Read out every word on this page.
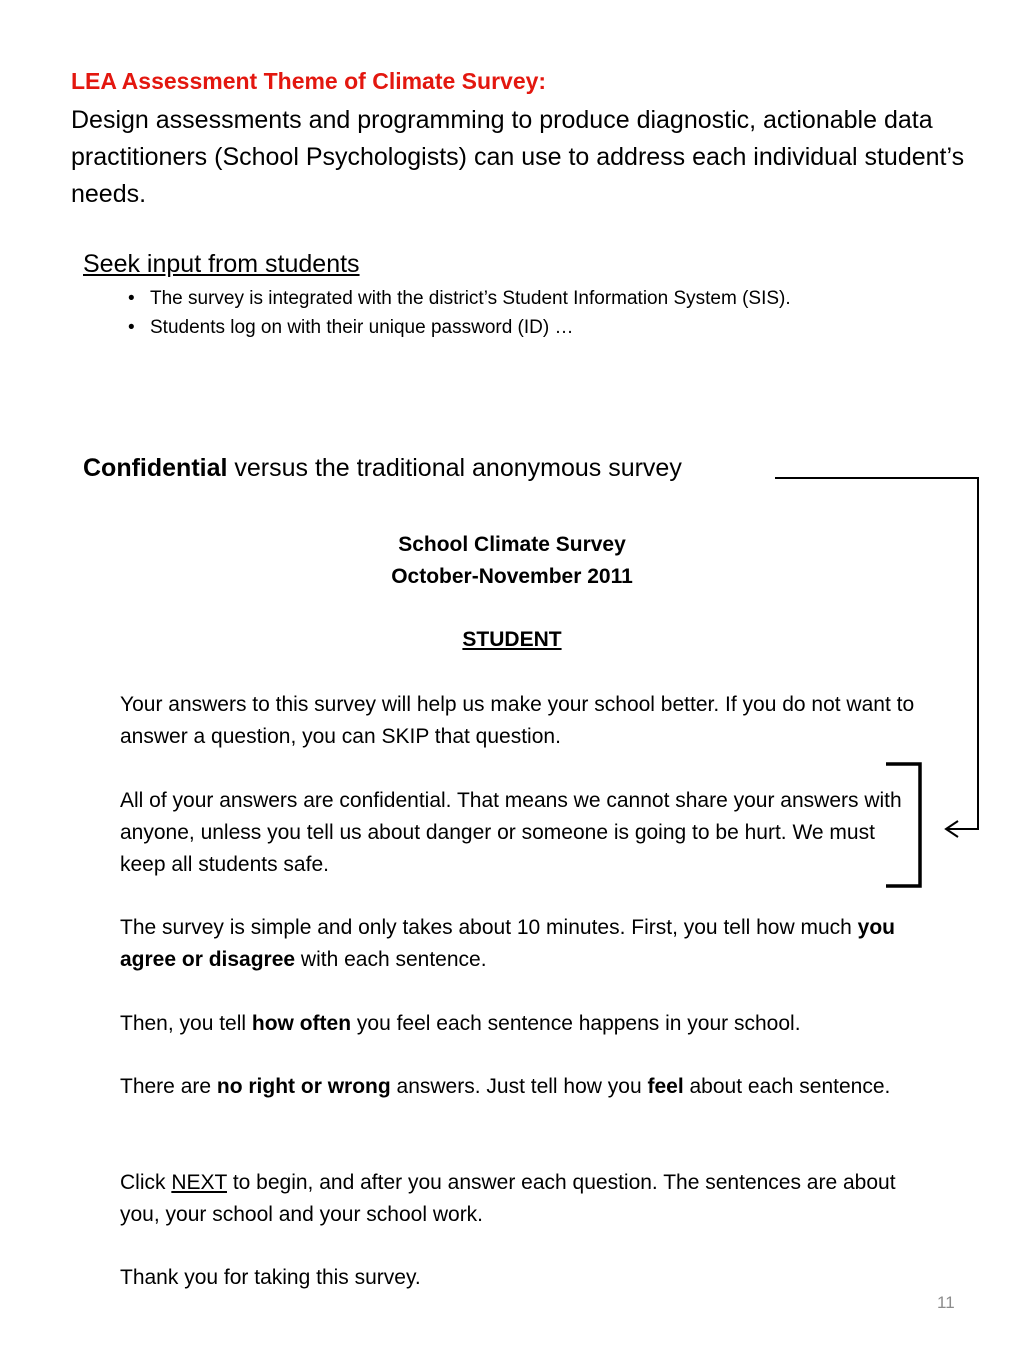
LEA Assessment Theme of Climate Survey:
Design assessments and programming to produce diagnostic, actionable data practitioners (School Psychologists) can use to address each individual student’s needs.
Seek input from students
• The survey is integrated with the district’s Student Information System (SIS).
• Students log on with their unique password (ID) …
Confidential versus the traditional anonymous survey
School Climate Survey
October-November 2011
STUDENT
Your answers to this survey will help us make your school better. If you do not want to answer a question, you can SKIP that question.
All of your answers are confidential. That means we cannot share your answers with anyone, unless you tell us about danger or someone is going to be hurt. We must keep all students safe.
The survey is simple and only takes about 10 minutes. First, you tell how much you agree or disagree with each sentence.
Then, you tell how often you feel each sentence happens in your school.
There are no right or wrong answers. Just tell how you feel about each sentence.
Click NEXT to begin, and after you answer each question. The sentences are about you, your school and your school work.
Thank you for taking this survey.
11
